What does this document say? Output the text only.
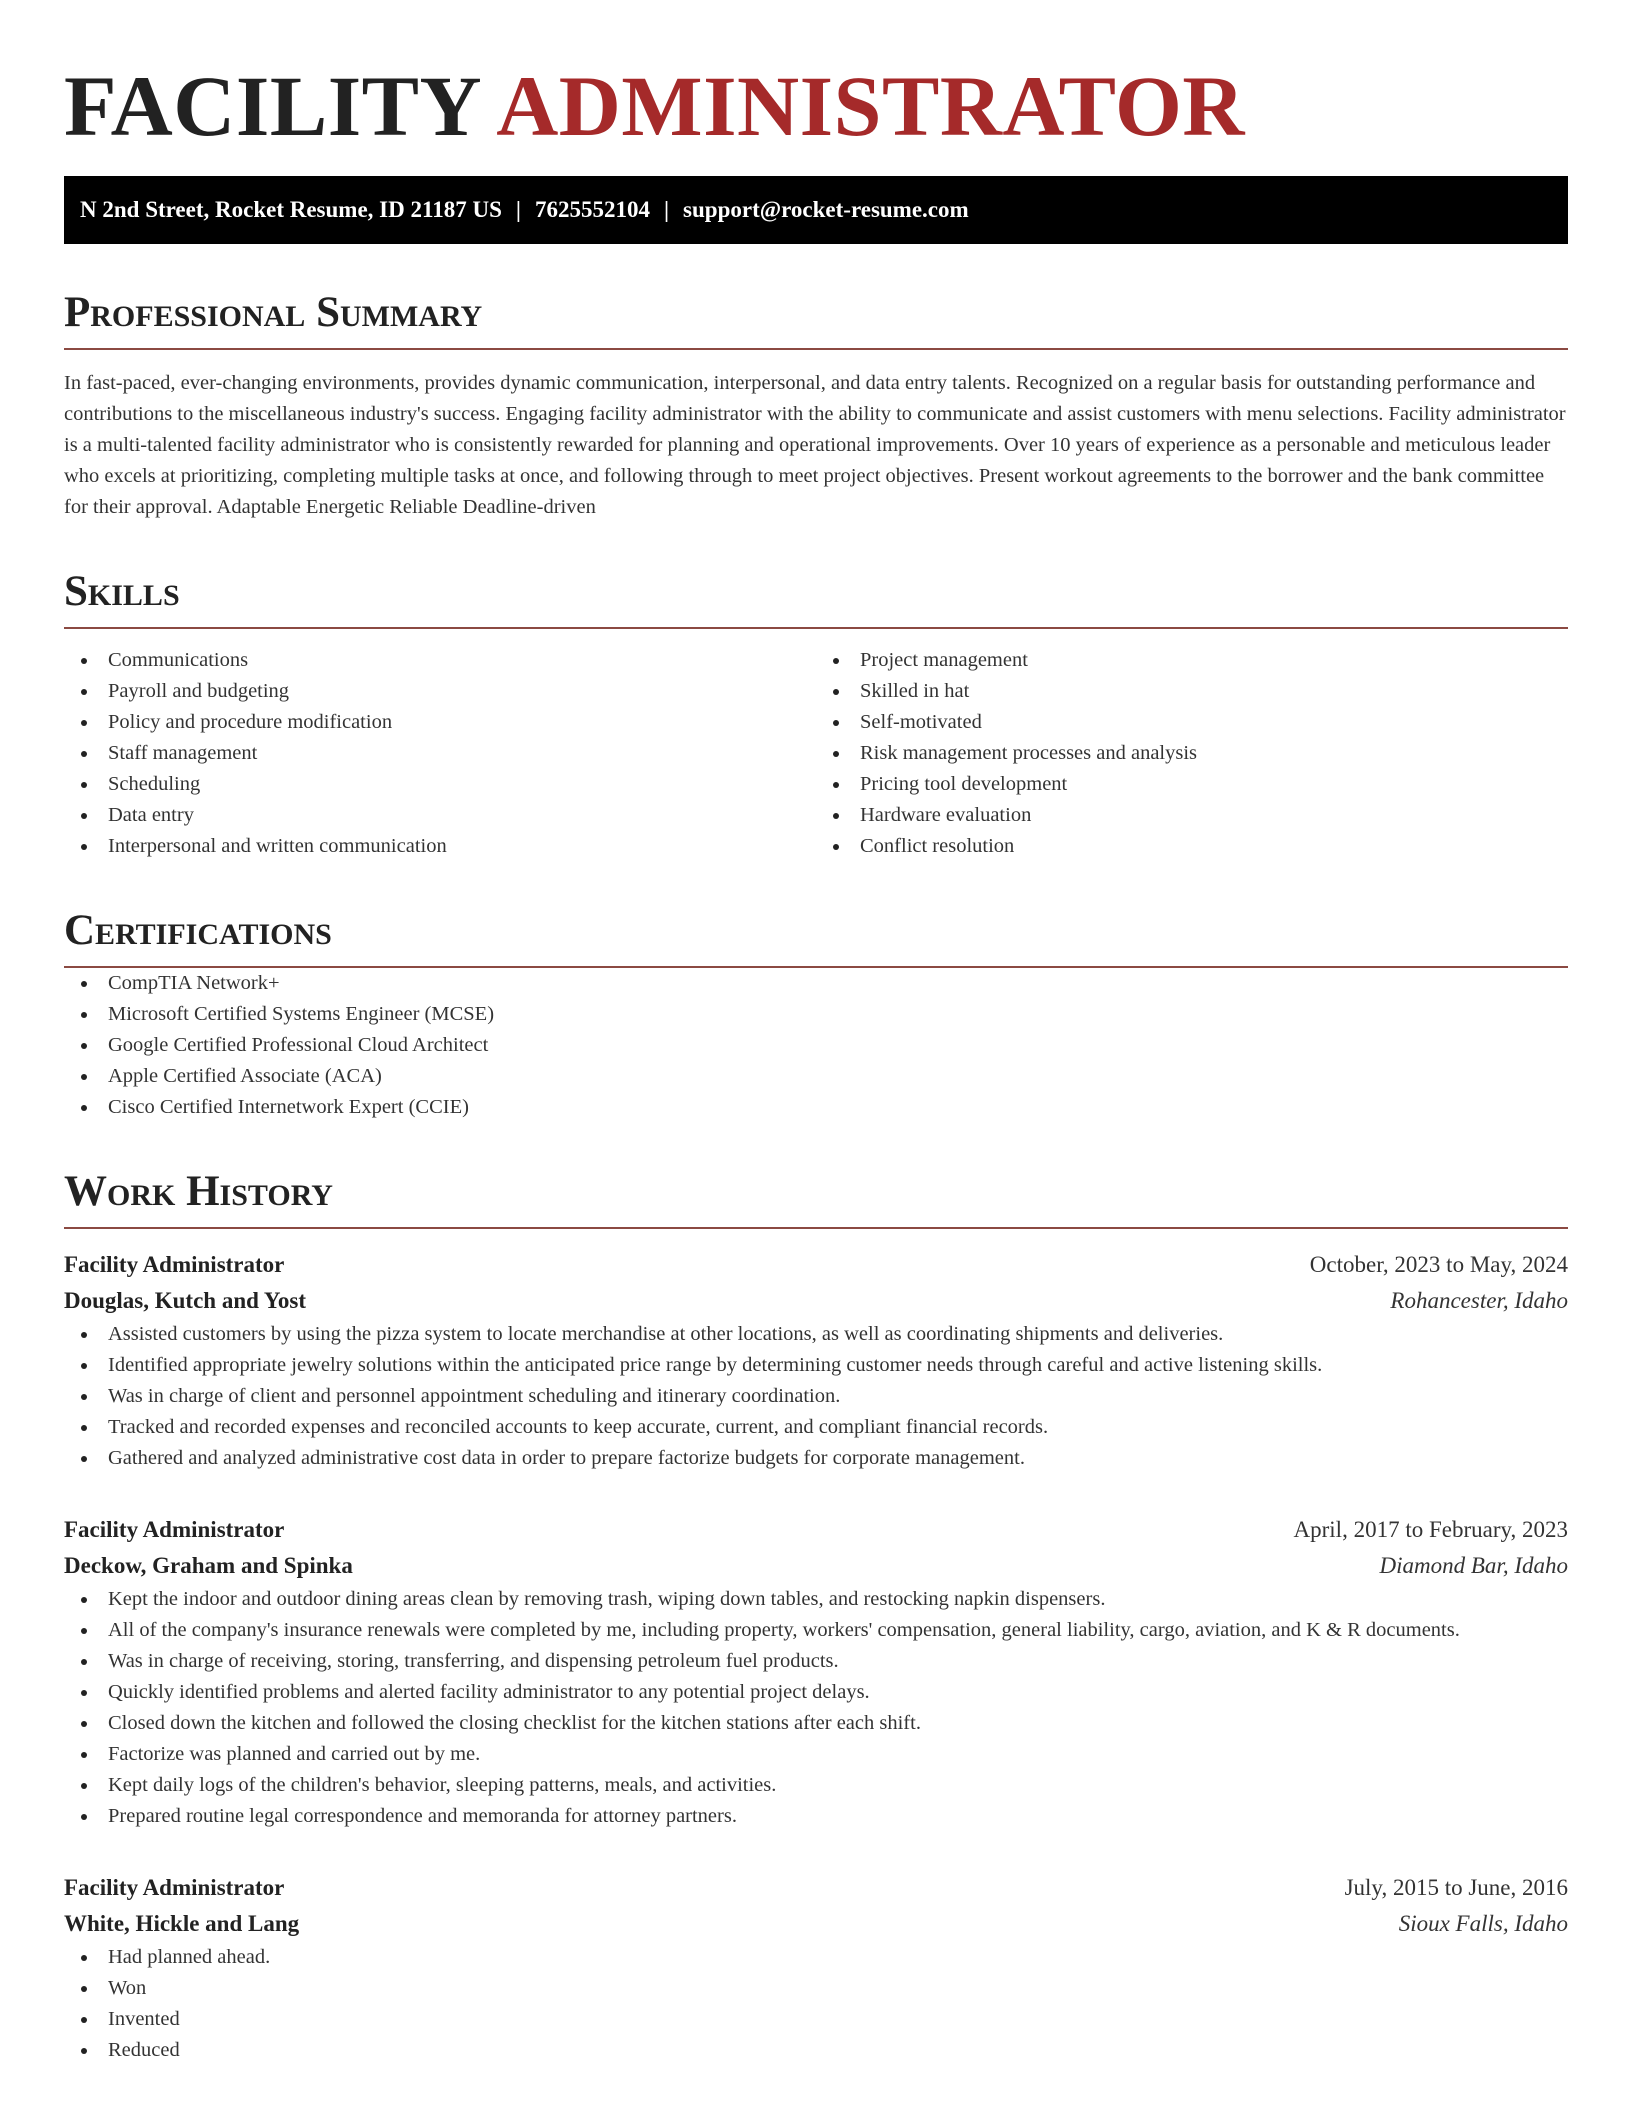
FACILITY ADMINISTRATOR
N 2nd Street, Rocket Resume, ID 21187 US | 7625552104 | support@rocket-resume.com
Professional Summary

In fast-paced, ever-changing environments, provides dynamic communication, interpersonal, and data entry talents. Recognized on a regular basis for outstanding performance and contributions to the miscellaneous industry's success. Engaging facility administrator with the ability to communicate and assist customers with menu selections. Facility administrator is a multi-talented facility administrator who is consistently rewarded for planning and operational improvements. Over 10 years of experience as a personable and meticulous leader who excels at prioritizing, completing multiple tasks at once, and following through to meet project objectives. Present workout agreements to the borrower and the bank committee for their approval. Adaptable Energetic Reliable Deadline-driven

Skills
Communications
Payroll and budgeting
Policy and procedure modification
Staff management
Scheduling
Data entry
Interpersonal and written communication
Project management
Skilled in hat
Self-motivated
Risk management processes and analysis
Pricing tool development
Hardware evaluation
Conflict resolution
Certifications
CompTIA Network+
Microsoft Certified Systems Engineer (MCSE)
Google Certified Professional Cloud Architect
Apple Certified Associate (ACA)
Cisco Certified Internetwork Expert (CCIE)
Work History
Facility Administrator	October, 2023 to May, 2024
Douglas, Kutch and Yost	Rohancester, Idaho
Assisted customers by using the pizza system to locate merchandise at other locations, as well as coordinating shipments and deliveries.
Identified appropriate jewelry solutions within the anticipated price range by determining customer needs through careful and active listening skills.
Was in charge of client and personnel appointment scheduling and itinerary coordination.
Tracked and recorded expenses and reconciled accounts to keep accurate, current, and compliant financial records.
Gathered and analyzed administrative cost data in order to prepare factorize budgets for corporate management.
Facility Administrator	April, 2017 to February, 2023
Deckow, Graham and Spinka	Diamond Bar, Idaho
Kept the indoor and outdoor dining areas clean by removing trash, wiping down tables, and restocking napkin dispensers.
All of the company's insurance renewals were completed by me, including property, workers' compensation, general liability, cargo, aviation, and K & R documents.
Was in charge of receiving, storing, transferring, and dispensing petroleum fuel products.
Quickly identified problems and alerted facility administrator to any potential project delays.
Closed down the kitchen and followed the closing checklist for the kitchen stations after each shift.
Factorize was planned and carried out by me.
Kept daily logs of the children's behavior, sleeping patterns, meals, and activities.
Prepared routine legal correspondence and memoranda for attorney partners.
Facility Administrator	July, 2015 to June, 2016
White, Hickle and Lang	Sioux Falls, Idaho
Had planned ahead.
Won
Invented
Reduced
